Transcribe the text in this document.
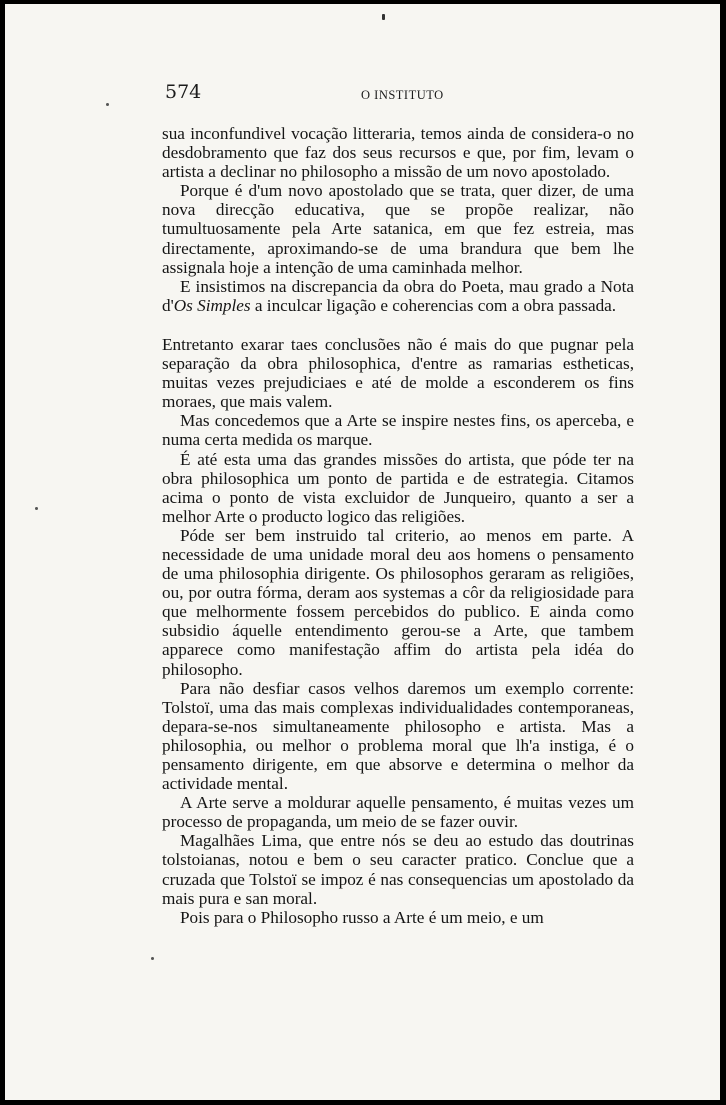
574	O INSTITUTO

sua inconfundivel vocação litteraria, temos ainda de considera-o no desdobramento que faz dos seus recursos e que, por fim, levam o artista a declinar no philosopho a missão de um novo apostolado.

Porque é d'um novo apostolado que se trata, quer dizer, de uma nova direcção educativa, que se propõe realizar, não tumultuosamente pela Arte satanica, em que fez estreia, mas directamente, aproximando-se de uma brandura que bem lhe assignala hoje a intenção de uma caminhada melhor.

E insistimos na discrepancia da obra do Poeta, mau grado a Nota d'Os Simples a inculcar ligação e coherencias com a obra passada.

Entretanto exarar taes conclusões não é mais do que pugnar pela separação da obra philosophica, d'entre as ramarias estheticas, muitas vezes prejudiciaes e até de molde a esconderem os fins moraes, que mais valem.

Mas concedemos que a Arte se inspire nestes fins, os aperceba, e numa certa medida os marque.

É até esta uma das grandes missões do artista, que póde ter na obra philosophica um ponto de partida e de estrategia. Citamos acima o ponto de vista excluidor de Junqueiro, quanto a ser a melhor Arte o producto logico das religiões.

Póde ser bem instruido tal criterio, ao menos em parte. A necessidade de uma unidade moral deu aos homens o pensamento de uma philosophia dirigente. Os philosophos geraram as religiões, ou, por outra fórma, deram aos systemas a côr da religiosidade para que melhormente fossem percebidos do publico. E ainda como subsidio áquelle entendimento gerou-se a Arte, que tambem apparece como manifestação affim do artista pela idéa do philosopho.

Para não desfiar casos velhos daremos um exemplo corrente: Tolstoï, uma das mais complexas individualidades contemporaneas, depara-se-nos simultaneamente philosopho e artista. Mas a philosophia, ou melhor o problema moral que lh'a instiga, é o pensamento dirigente, em que absorve e determina o melhor da actividade mental.

A Arte serve a moldurar aquelle pensamento, é muitas vezes um processo de propaganda, um meio de se fazer ouvir.

Magalhães Lima, que entre nós se deu ao estudo das doutrinas tolstoianas, notou e bem o seu caracter pratico. Conclue que a cruzada que Tolstoï se impoz é nas consequencias um apostolado da mais pura e san moral.

Pois para o Philosopho russo a Arte é um meio, e um
